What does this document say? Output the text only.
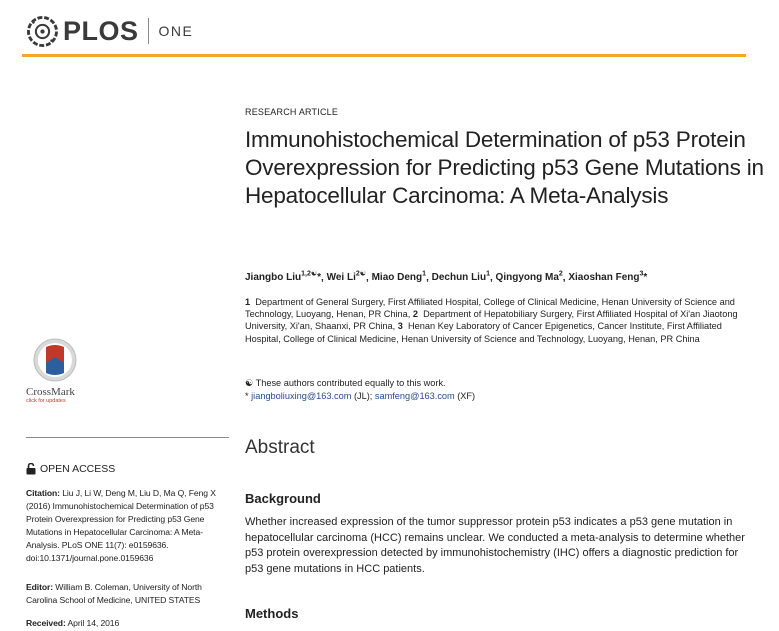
PLOS ONE
CrossMark
click for updates
OPEN ACCESS
Citation: Liu J, Li W, Deng M, Liu D, Ma Q, Feng X (2016) Immunohistochemical Determination of p53 Protein Overexpression for Predicting p53 Gene Mutations in Hepatocellular Carcinoma: A Meta-Analysis. PLoS ONE 11(7): e0159636. doi:10.1371/journal.pone.0159636
Editor: William B. Coleman, University of North Carolina School of Medicine, UNITED STATES
Received: April 14, 2016
RESEARCH ARTICLE
Immunohistochemical Determination of p53 Protein Overexpression for Predicting p53 Gene Mutations in Hepatocellular Carcinoma: A Meta-Analysis
Jiangbo Liu$^{1,2☯}$*, Wei $Li^{2☯}$, Miao Deng$^1$, Dechun Liu$^1$, Qingyong Ma$^2$, Xiaoshan Feng$^3$*
1 Department of General Surgery, First Affiliated Hospital, College of Clinical Medicine, Henan University of Science and Technology, Luoyang, Henan, PR China, 2 Department of Hepatobiliary Surgery, First Affiliated Hospital of Xi'an Jiaotong University, Xi'an, Shaanxi, PR China, 3 Henan Key Laboratory of Cancer Epigenetics, Cancer Institute, First Affiliated Hospital, College of Clinical Medicine, Henan University of Science and Technology, Luoyang, Henan, PR China
☯ These authors contributed equally to this work.
* jiangboliuxing@163.com (JL); samfeng@163.com (XF)
Abstract
Background
Whether increased expression of the tumor suppressor protein p53 indicates a p53 gene mutation in hepatocellular carcinoma (HCC) remains unclear. We conducted a meta-analysis to determine whether p53 protein overexpression detected by immunohistochemistry (IHC) offers a diagnostic prediction for p53 gene mutations in HCC patients.
Methods
